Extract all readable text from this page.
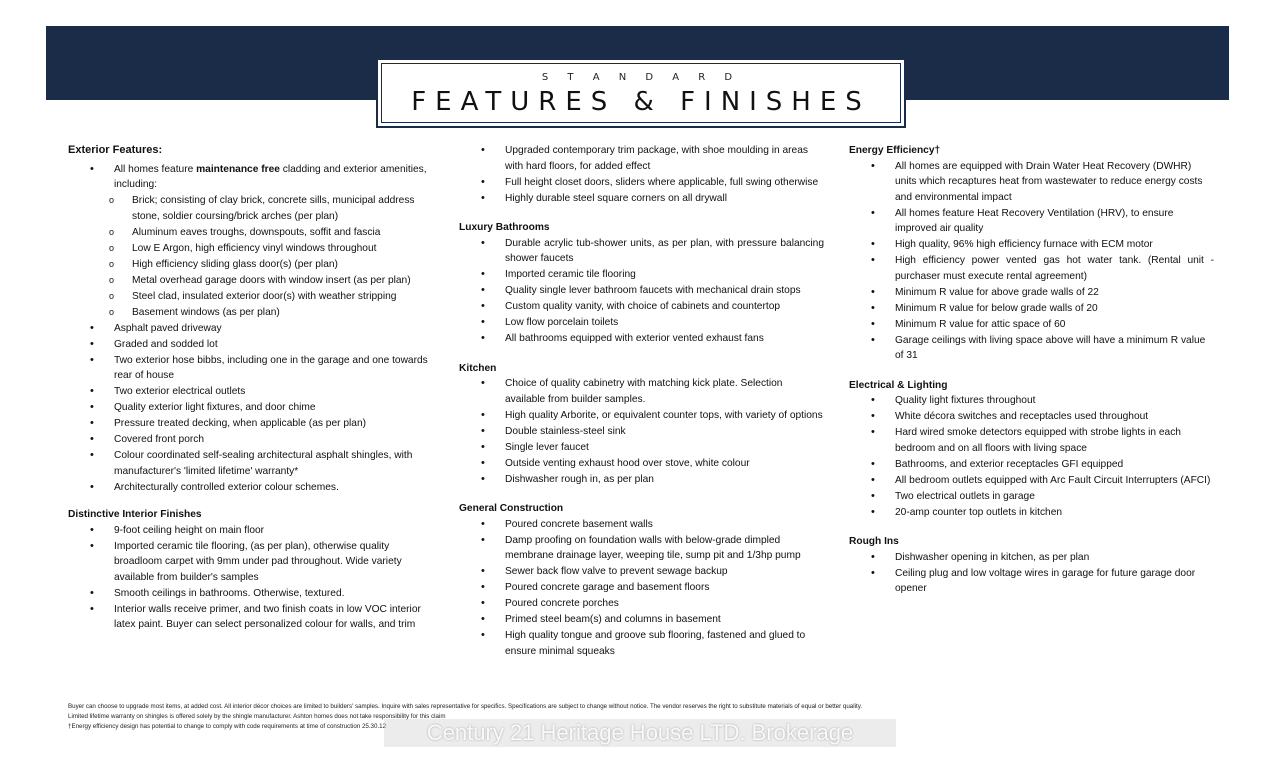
S T A N D A R D
FEATURES & FINISHES
Exterior Features:
• All homes feature maintenance free cladding and exterior amenities, including:
o Brick; consisting of clay brick, concrete sills, municipal address stone, soldier coursing/brick arches (per plan)
o Aluminum eaves troughs, downspouts, soffit and fascia
o Low E Argon, high efficiency vinyl windows throughout
o High efficiency sliding glass door(s) (per plan)
o Metal overhead garage doors with window insert (as per plan)
o Steel clad, insulated exterior door(s) with weather stripping
o Basement windows (as per plan)
• Asphalt paved driveway
• Graded and sodded lot
• Two exterior hose bibbs, including one in the garage and one towards rear of house
• Two exterior electrical outlets
• Quality exterior light fixtures, and door chime
• Pressure treated decking, when applicable (as per plan)
• Covered front porch
• Colour coordinated self-sealing architectural asphalt shingles, with manufacturer's 'limited lifetime' warranty*
• Architecturally controlled exterior colour schemes.
Distinctive Interior Finishes
• 9-foot ceiling height on main floor
• Imported ceramic tile flooring, (as per plan), otherwise quality broadloom carpet with 9mm under pad throughout. Wide variety available from builder's samples
• Smooth ceilings in bathrooms. Otherwise, textured.
• Interior walls receive primer, and two finish coats in low VOC interior latex paint. Buyer can select personalized colour for walls, and trim
• Upgraded contemporary trim package, with shoe moulding in areas with hard floors, for added effect
• Full height closet doors, sliders where applicable, full swing otherwise
• Highly durable steel square corners on all drywall
Luxury Bathrooms
• Durable acrylic tub-shower units, as per plan, with pressure balancing shower faucets
• Imported ceramic tile flooring
• Quality single lever bathroom faucets with mechanical drain stops
• Custom quality vanity, with choice of cabinets and countertop
• Low flow porcelain toilets
• All bathrooms equipped with exterior vented exhaust fans
Kitchen
• Choice of quality cabinetry with matching kick plate. Selection available from builder samples.
• High quality Arborite, or equivalent counter tops, with variety of options
• Double stainless-steel sink
• Single lever faucet
• Outside venting exhaust hood over stove, white colour
• Dishwasher rough in, as per plan
General Construction
• Poured concrete basement walls
• Damp proofing on foundation walls with below-grade dimpled membrane drainage layer, weeping tile, sump pit and 1/3hp pump
• Sewer back flow valve to prevent sewage backup
• Poured concrete garage and basement floors
• Poured concrete porches
• Primed steel beam(s) and columns in basement
• High quality tongue and groove sub flooring, fastened and glued to ensure minimal squeaks
Energy Efficiency†
• All homes are equipped with Drain Water Heat Recovery (DWHR) units which recaptures heat from wastewater to reduce energy costs and environmental impact
• All homes feature Heat Recovery Ventilation (HRV), to ensure improved air quality
• High quality, 96% high efficiency furnace with ECM motor
• High efficiency power vented gas hot water tank. (Rental unit - purchaser must execute rental agreement)
• Minimum R value for above grade walls of 22
• Minimum R value for below grade walls of 20
• Minimum R value for attic space of 60
• Garage ceilings with living space above will have a minimum R value of 31
Electrical & Lighting
• Quality light fixtures throughout
• White décora switches and receptacles used throughout
• Hard wired smoke detectors equipped with strobe lights in each bedroom and on all floors with living space
• Bathrooms, and exterior receptacles GFI equipped
• All bedroom outlets equipped with Arc Fault Circuit Interrupters (AFCI)
• Two electrical outlets in garage
• 20-amp counter top outlets in kitchen
Rough Ins
• Dishwasher opening in kitchen, as per plan
• Ceiling plug and low voltage wires in garage for future garage door opener
Buyer can choose to upgrade most items, at added cost. All interior décor choices are limited to builders' samples. Inquire with sales representative for specifics. Specifications are subject to change without notice. The vendor reserves the right to substitute materials of equal or better quality.
Limited lifetime warranty on shingles is offered solely by the shingle manufacturer. Ashton homes does not take responsibility for this claim
†Energy efficiency design has potential to change to comply with code requirements at time of construction 25.30.12	Century 21 Heritage House LTD. Brokerage
